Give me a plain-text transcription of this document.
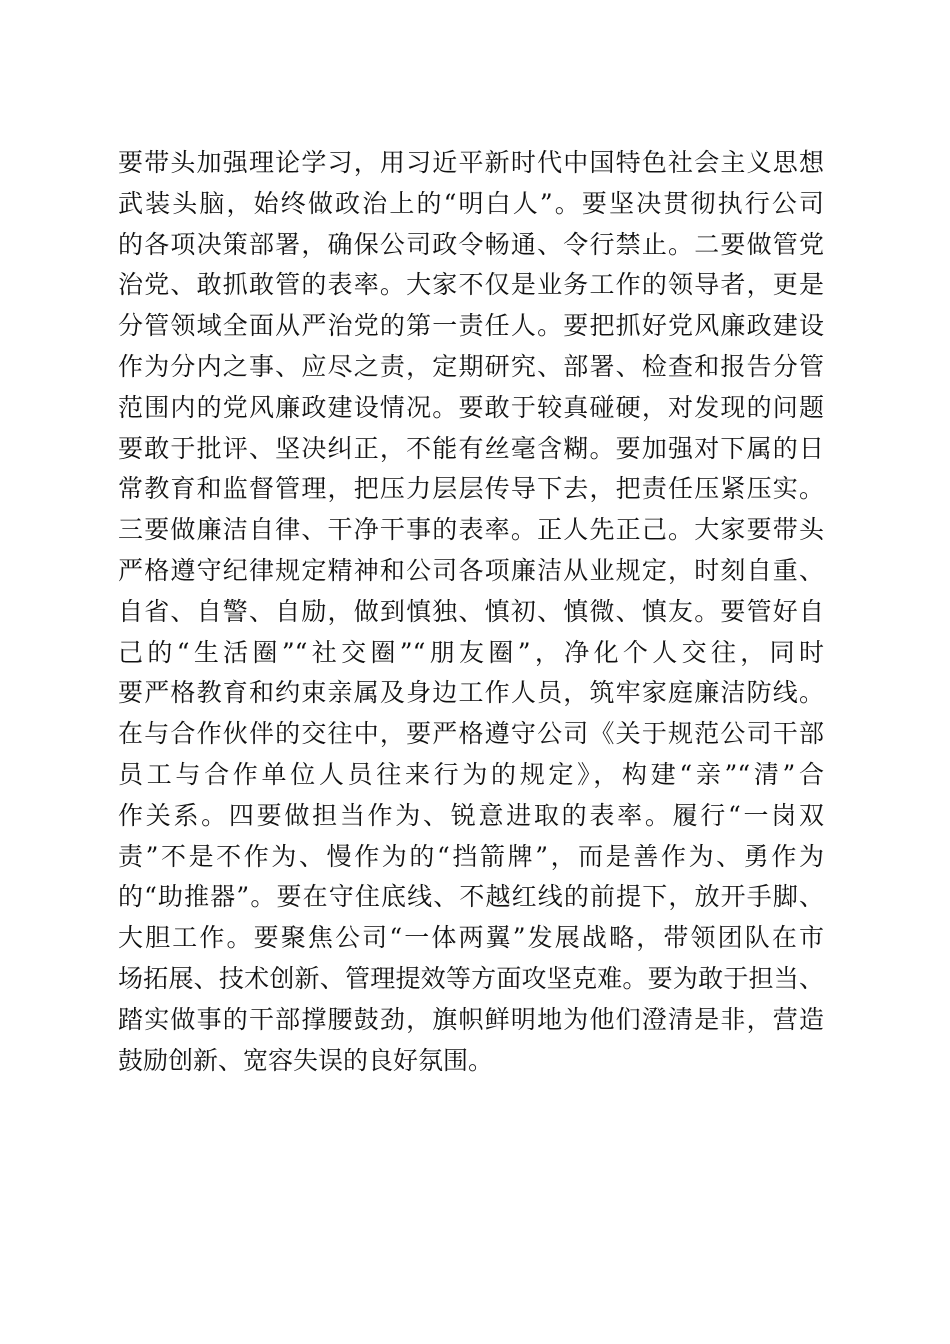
要带头加强理论学习，用习近平新时代中国特色社会主义思想
武装头脑，始终做政治上的“明白人”。要坚决贯彻执行公司
的各项决策部署，确保公司政令畅通、令行禁止。二要做管党
治党、敢抓敢管的表率。大家不仅是业务工作的领导者，更是
分管领域全面从严治党的第一责任人。要把抓好党风廉政建设
作为分内之事、应尽之责，定期研究、部署、检查和报告分管
范围内的党风廉政建设情况。要敢于较真碰硬，对发现的问题
要敢于批评、坚决纠正，不能有丝毫含糊。要加强对下属的日
常教育和监督管理，把压力层层传导下去，把责任压紧压实。
三要做廉洁自律、干净干事的表率。正人先正己。大家要带头
严格遵守纪律规定精神和公司各项廉洁从业规定，时刻自重、
自省、自警、自励，做到慎独、慎初、慎微、慎友。要管好自
己的“生活圈”“社交圈”“朋友圈”，净化个人交往，同时
要严格教育和约束亲属及身边工作人员，筑牢家庭廉洁防线。
在与合作伙伴的交往中，要严格遵守公司《关于规范公司干部
员工与合作单位人员往来行为的规定》，构建“亲”“清”合
作关系。四要做担当作为、锐意进取的表率。履行“一岗双
责”不是不作为、慢作为的“挡箭牌”，而是善作为、勇作为
的“助推器”。要在守住底线、不越红线的前提下，放开手脚、
大胆工作。要聚焦公司“一体两翼”发展战略，带领团队在市
场拓展、技术创新、管理提效等方面攻坚克难。要为敢于担当、
踏实做事的干部撑腰鼓劲，旗帜鲜明地为他们澄清是非，营造
鼓励创新、宽容失误的良好氛围。
